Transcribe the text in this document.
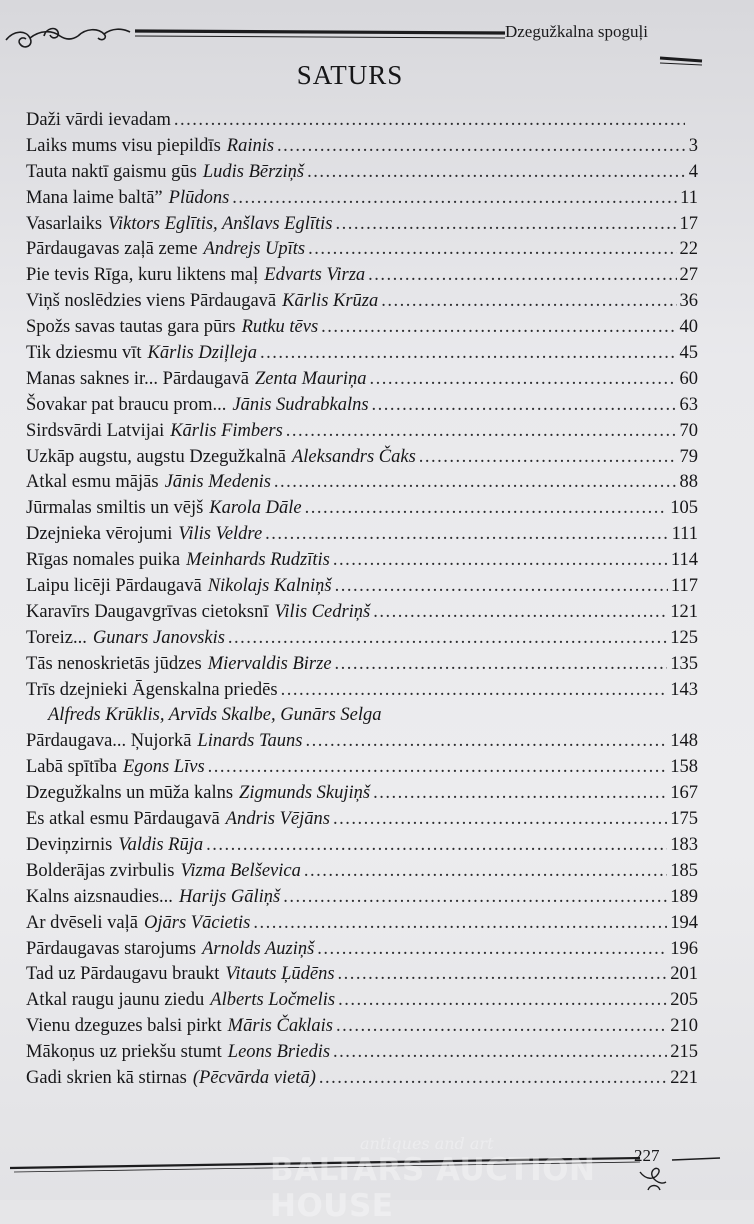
Dzegužkalna spoguļi
SATURS
Daži vārdi ievadam
.....
Laiks mums visu piepildīs Rainis .....	3
Tauta naktī gaismu gūs Ludis Bērziņš .....	4
Mana laime baltā” Plūdons .....	11
Vasarlaiks Viktors Eglītis, Anšlavs Eglītis .....	17
Pārdaugavas zaļā zeme Andrejs Upīts .....	22
Pie tevis Rīga, kuru liktens maļ Edvarts Virza .....	27
Viņš noslēdzies viens Pārdaugavā Kārlis Krūza .....	36
Spožs savas tautas gara pūrs Rutku tēvs .....	40
Tik dziesmu vīt Kārlis Dziļleja .....	45
Manas saknes ir... Pārdaugavā Zenta Mauriņa .....	60
Šovakar pat braucu prom... Jānis Sudrabkalns .....	63
Sirdsvārdi Latvijai Kārlis Fimbers .....	70
Uzkāp augstu, augstu Dzegužkalnā Aleksandrs Čaks .....	79
Atkal esmu mājās Jānis Medenis .....	88
Jūrmalas smiltis un vējš Karola Dāle .....	105
Dzejnieka vērojumi Vilis Veldre .....	111
Rīgas nomales puika Meinhards Rudzītis .....	114
Laipu licēji Pārdaugavā Nikolajs Kalniņš .....	117
Karavīrs Daugavgrīvas cietoksnī Vilis Cedriņš .....	121
Toreiz... Gunars Janovskis .....	125
Tās nenoskrietās jūdzes Miervaldis Birze .....	135
Trīs dzejnieki Āgenskalna priedēs .....	143
Alfreds Krūklis, Arvīds Skalbe, Gunārs Selga
Pārdaugava... Ņujorkā Linards Tauns .....	148
Labā spītība Egons Līvs .....	158
Dzegužkalns un mūža kalns Zigmunds Skujiņš .....	167
Es atkal esmu Pārdaugavā Andris Vējāns .....	175
Deviņzirnis Valdis Rūja .....	183
Bolderājas zvirbulis Vizma Belševica .....	185
Kalns aizsnaudies... Harijs Gāliņš .....	189
Ar dvēseli vaļā Ojārs Vācietis .....	194
Pārdaugavas starojums Arnolds Auziņš .....	196
Tad uz Pārdaugavu braukt Vitauts Ļūdēns .....	201
Atkal raugu jaunu ziedu Alberts Ločmelis .....	205
Vienu dzeguzes balsi pirkt Māris Čaklais .....	210
Mākoņus uz priekšu stumt Leons Briedis .....	215
Gadi skrien kā stirnas (Pēcvārda vietā) .....	221
227
antiques and art
BALTARS AUCTION HOUSE
